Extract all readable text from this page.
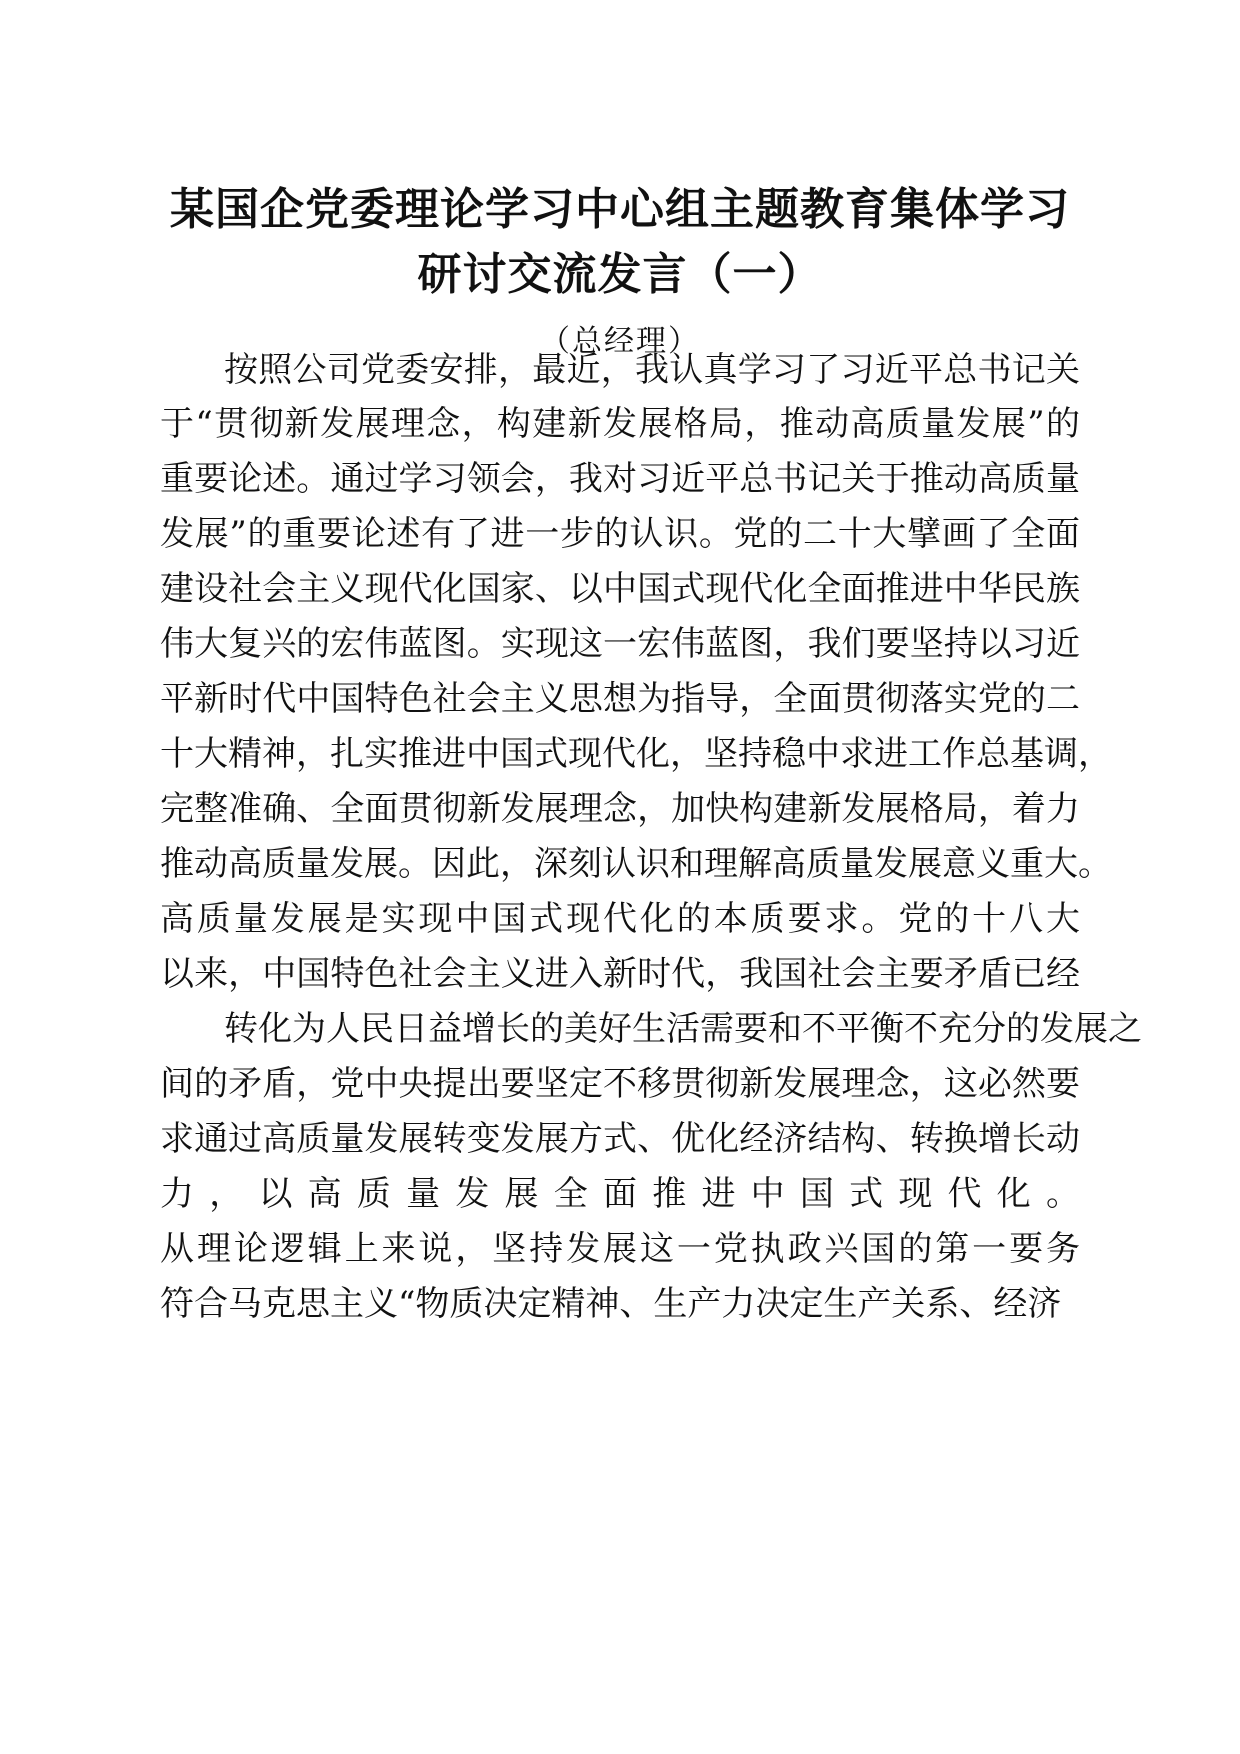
某国企党委理论学习中心组主题教育集体学习
研讨交流发言（一）
（总经理）
按照公司党委安排，最近，我认真学习了习近平总书记关
于“贯彻新发展理念，构建新发展格局，推动高质量发展”的
重要论述。通过学习领会，我对习近平总书记关于推动高质量
发展”的重要论述有了进一步的认识。党的二十大擘画了全面
建设社会主义现代化国家、以中国式现代化全面推进中华民族
伟大复兴的宏伟蓝图。实现这一宏伟蓝图，我们要坚持以习近
平新时代中国特色社会主义思想为指导，全面贯彻落实党的二
十大精神，扎实推进中国式现代化，坚持稳中求进工作总基调，
完整准确、全面贯彻新发展理念，加快构建新发展格局，着力
推动高质量发展。因此，深刻认识和理解高质量发展意义重大。
高质量发展是实现中国式现代化的本质要求。党的十八大
以来，中国特色社会主义进入新时代，我国社会主要矛盾已经
转化为人民日益增长的美好生活需要和不平衡不充分的发展之
间的矛盾，党中央提出要坚定不移贯彻新发展理念，这必然要
求通过高质量发展转变发展方式、优化经济结构、转换增长动
力，以高质量发展全面推进中国式现代化。
从理论逻辑上来说，坚持发展这一党执政兴国的第一要务
符合马克思主义“物质决定精神、生产力决定生产关系、经济
